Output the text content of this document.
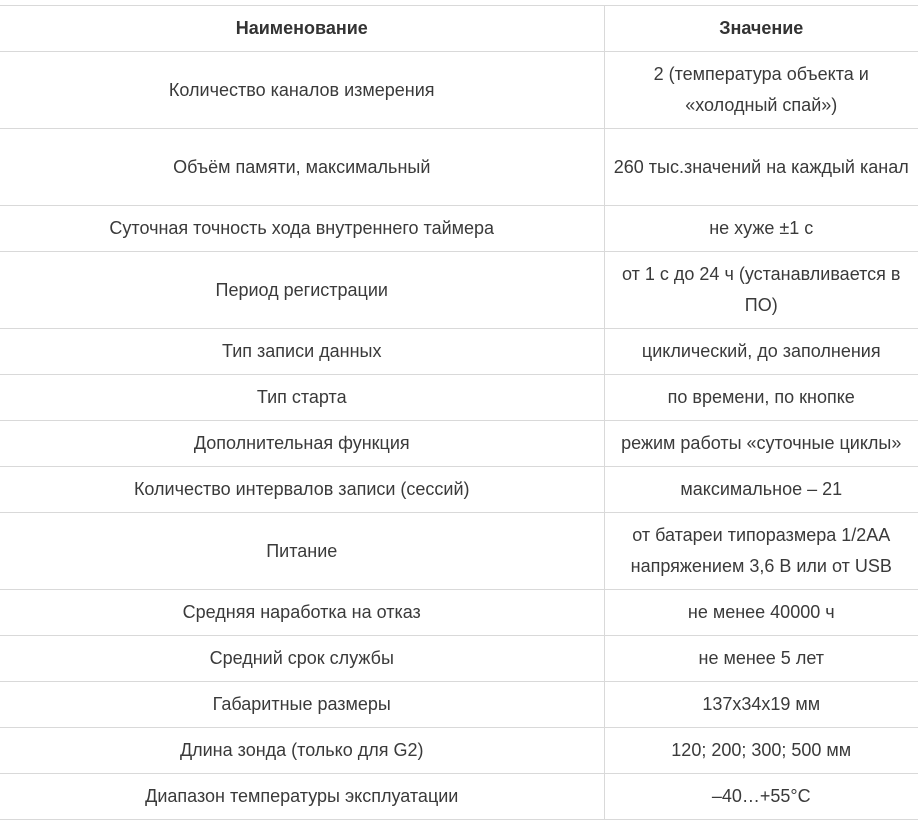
Наименование	Значение
Количество каналов измерения	2 (температура объекта и «холодный спай»)
Объём памяти, максимальный	260 тыс.значений на каждый канал
Суточная точность хода внутреннего таймера	не хуже ±1 с
Период регистрации	от 1 с до 24 ч (устанавливается в ПО)
Тип записи данных	циклический, до заполнения
Тип старта	по времени, по кнопке
Дополнительная функция	режим работы «суточные циклы»
Количество интервалов записи (сессий)	максимальное – 21
Питание	от батареи типоразмера 1/2АА напряжением 3,6 В или от USB
Средняя наработка на отказ	не менее 40000 ч
Средний срок службы	не менее 5 лет
Габаритные размеры	137х34х19 мм
Длина зонда (только для G2)	120; 200; 300; 500 мм
Диапазон температуры эксплуатации	–40…+55°С
